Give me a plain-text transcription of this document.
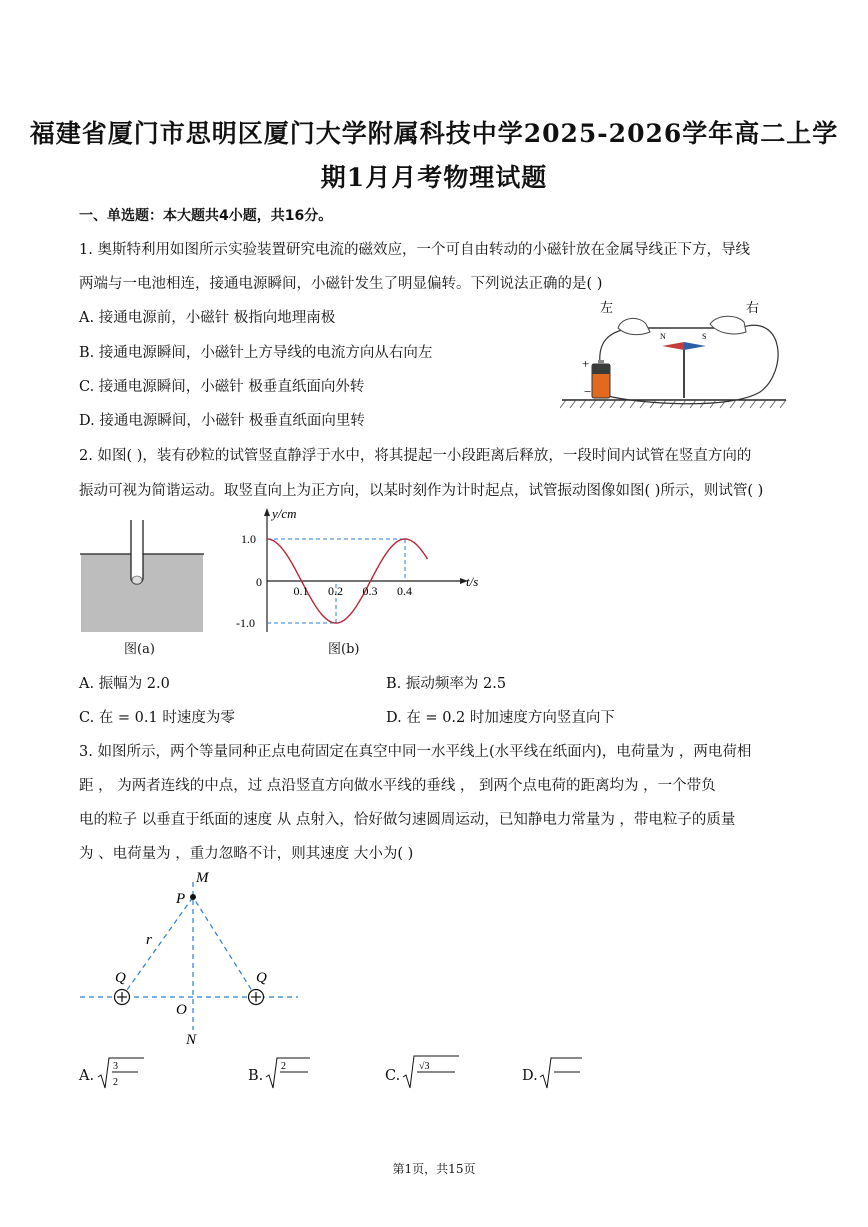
福建省厦门市思明区厦门大学附属科技中学2025-2026学年高二上学
期1月月考物理试题
一、单选题：本大题共4小题，共16分。
1. 奥斯特利用如图所示实验装置研究电流的磁效应，一个可自由转动的小磁针放在金属导线正下方，导线
两端与一电池相连，接通电源瞬间，小磁针发生了明显偏转。下列说法正确的是( )
A. 接通电源前，小磁针 极指向地理南极
B. 接通电源瞬间，小磁针上方导线的电流方向从右向左
C. 接通电源瞬间，小磁针 极垂直纸面向外转
D. 接通电源瞬间，小磁针 极垂直纸面向里转
左	右
+
−
N	S
2. 如图( )，装有砂粒的试管竖直静浮于水中，将其提起一小段距离后释放，一段时间内试管在竖直方向的
振动可视为简谐运动。取竖直向上为正方向，以某时刻作为计时起点，试管振动图像如图( )所示，则试管( )
图(a)
0.1 0.2 0.3 0.4
1.0
-1.0
y/cm
t/s
0
图(b)
A. 振幅为 2.0	B. 振动频率为 2.5
C. 在 = 0.1 时速度为零	D. 在 = 0.2 时加速度方向竖直向下
3. 如图所示，两个等量同种正点电荷固定在真空中同一水平线上(水平线在纸面内)，电荷量为 ，两电荷相
距 ， 为两者连线的中点，过 点沿竖直方向做水平线的垂线 ， 到两个点电荷的距离均为 ，一个带负
电的粒子 以垂直于纸面的速度 从 点射入，恰好做匀速圆周运动，已知静电力常量为 ，带电粒子的质量
为 、电荷量为 ，重力忽略不计，则其速度 大小为( )
M
P
r
Q	Q
O
N
A.
3
2	B.
2
C.
√3
D.
第1页，共15页
